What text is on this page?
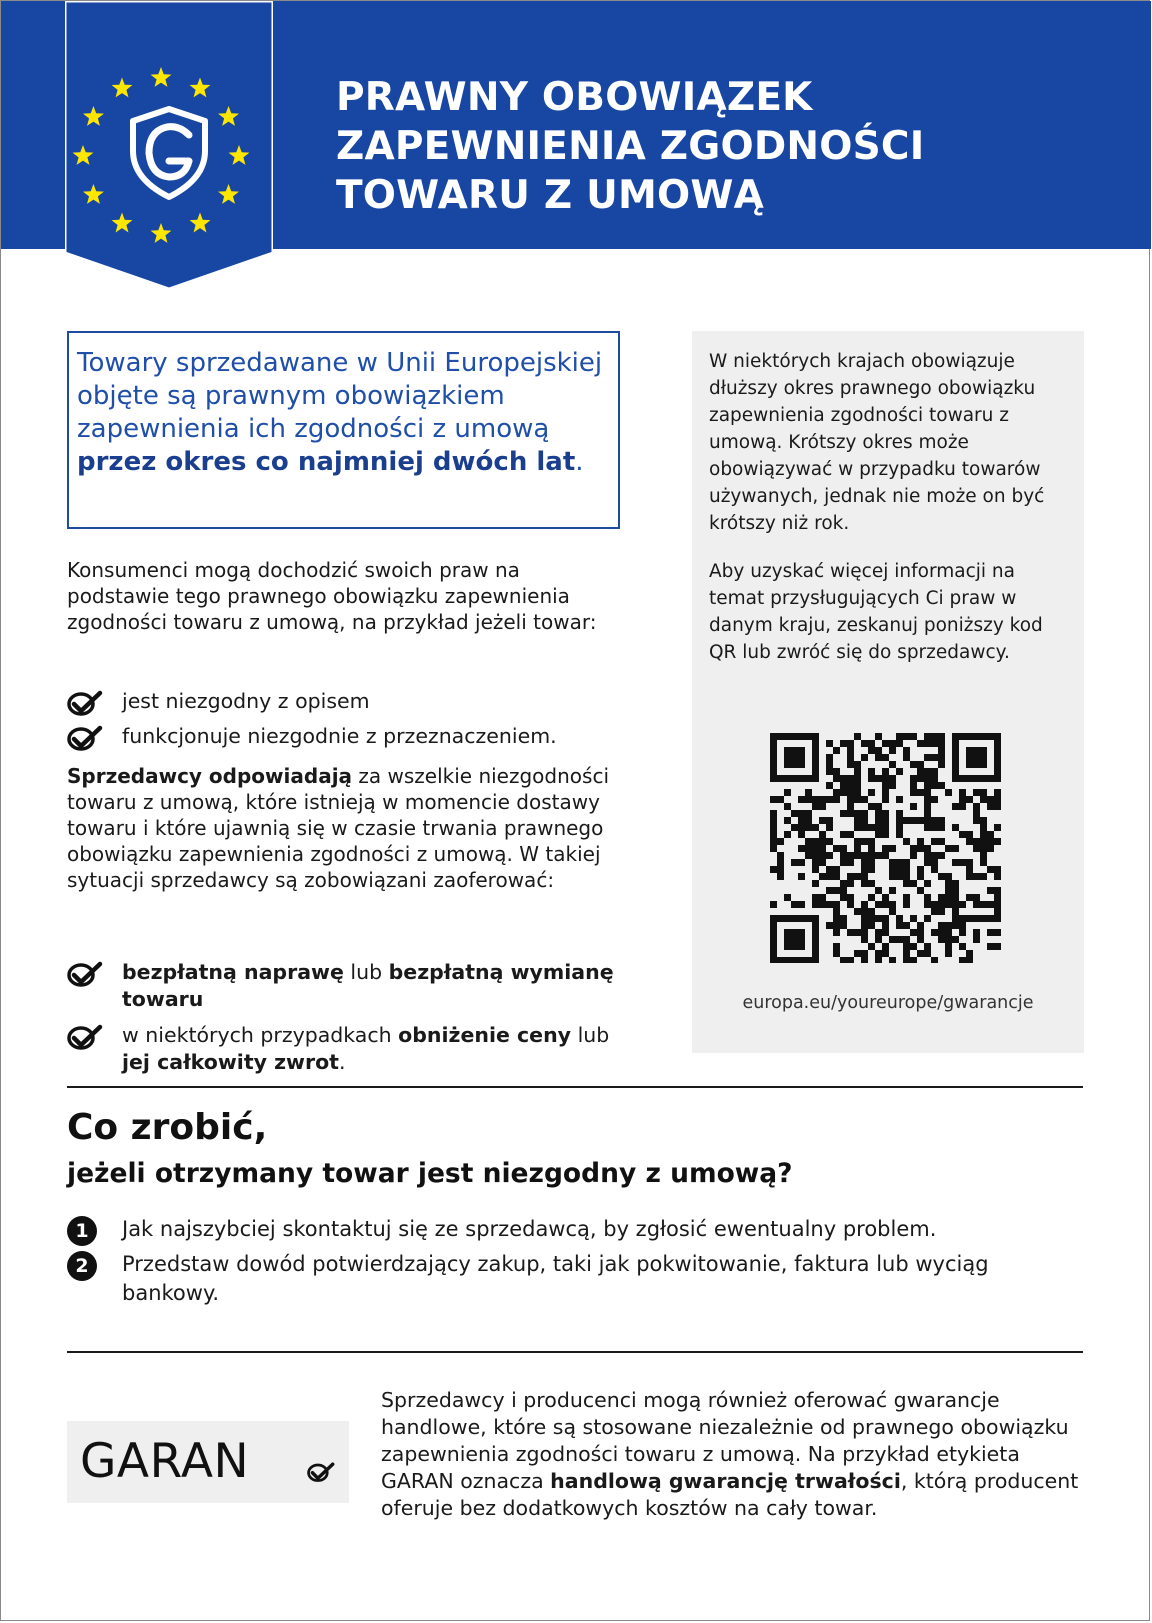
PRAWNY OBOWIĄZEK
ZAPEWNIENIA ZGODNOŚCI
TOWARU Z UMOWĄ
Towary sprzedawane w Unii Europejskiej objęte są prawnym obowiązkiem zapewnienia ich zgodności z umową przez okres co najmniej dwóch lat.

Konsumenci mogą dochodzić swoich praw na podstawie tego prawnego obowiązku zapewnienia zgodności towaru z umową, na przykład jeżeli towar:

jest niezgodny z opisem
funkcjonuje niezgodnie z przeznaczeniem.

Sprzedawcy odpowiadają za wszelkie niezgodności towaru z umową, które istnieją w momencie dostawy towaru i które ujawnią się w czasie trwania prawnego obowiązku zapewnienia zgodności z umową. W takiej sytuacji sprzedawcy są zobowiązani zaoferować:

bezpłatną naprawę lub bezpłatną wymianę towaru
w niektórych przypadkach obniżenie ceny lub jej całkowity zwrot.

W niektórych krajach obowiązuje dłuższy okres prawnego obowiązku zapewnienia zgodności towaru z umową. Krótszy okres może obowiązywać w przypadku towarów używanych, jednak nie może on być krótszy niż rok.

Aby uzyskać więcej informacji na temat przysługujących Ci praw w danym kraju, zeskanuj poniższy kod QR lub zwróć się do sprzedawcy.

europa.eu/youreurope/gwarancje
Co zrobić,
jeżeli otrzymany towar jest niezgodny z umową?
1	Jak najszybciej skontaktuj się ze sprzedawcą, by zgłosić ewentualny problem.
2	Przedstaw dowód potwierdzający zakup, taki jak pokwitowanie, faktura lub wyciąg bankowy.
GARAN

Sprzedawcy i producenci mogą również oferować gwarancje handlowe, które są stosowane niezależnie od prawnego obowiązku zapewnienia zgodności towaru z umową. Na przykład etykieta GARAN oznacza handlową gwarancję trwałości, którą producent oferuje bez dodatkowych kosztów na cały towar.
